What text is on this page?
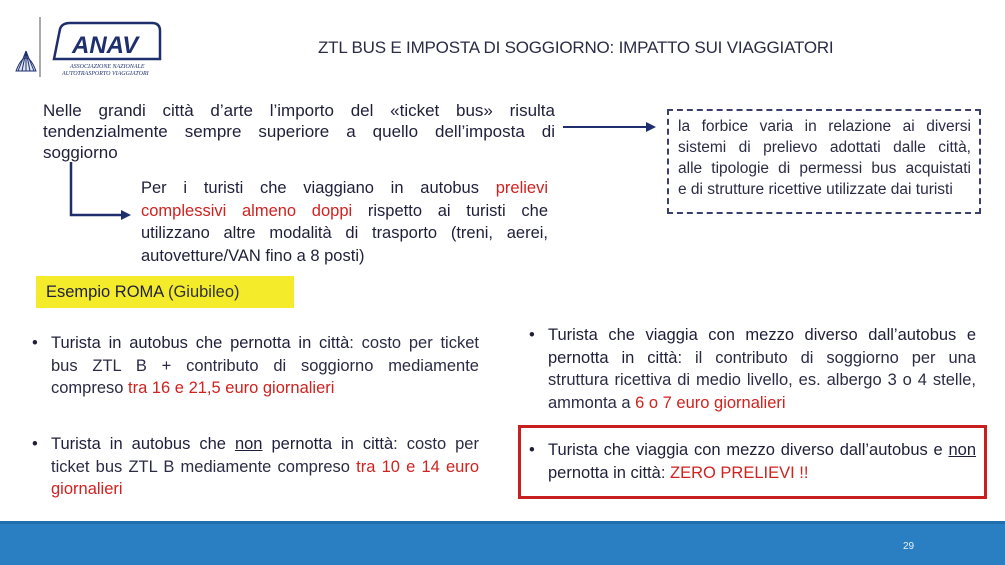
ANAV
ASSOCIAZIONE NAZIONALE
AUTOTRASPORTO VIAGGIATORI
ZTL BUS E IMPOSTA DI SOGGIORNO: IMPATTO SUI VIAGGIATORI
Nelle grandi città d’arte l’importo del «ticket bus» risulta
tendenzialmente sempre superiore a quello dell’imposta di soggiorno
la forbice varia in relazione ai diversi
sistemi di prelievo adottati dalle città,
alle tipologie di permessi bus acquistati
e di strutture ricettive utilizzate dai turisti
Per i turisti che viaggiano in autobus prelievi
complessivi almeno doppi rispetto ai turisti che
utilizzano altre modalità di trasporto (treni, aerei,
autovetture/VAN fino a 8 posti)
Esempio ROMA (Giubileo)
• Turista in autobus che pernotta in città: costo per ticket
bus ZTL B + contributo di soggiorno mediamente
compreso tra 16 e 21,5 euro giornalieri
• Turista in autobus che non pernotta in città: costo per
ticket bus ZTL B mediamente compreso tra 10 e 14 euro
giornalieri
• Turista che viaggia con mezzo diverso dall’autobus e
pernotta in città: il contributo di soggiorno per una
struttura ricettiva di medio livello, es. albergo 3 o 4 stelle,
ammonta a 6 o 7 euro giornalieri
• Turista che viaggia con mezzo diverso dall’autobus e non
pernotta in città: ZERO PRELIEVI !!
29
